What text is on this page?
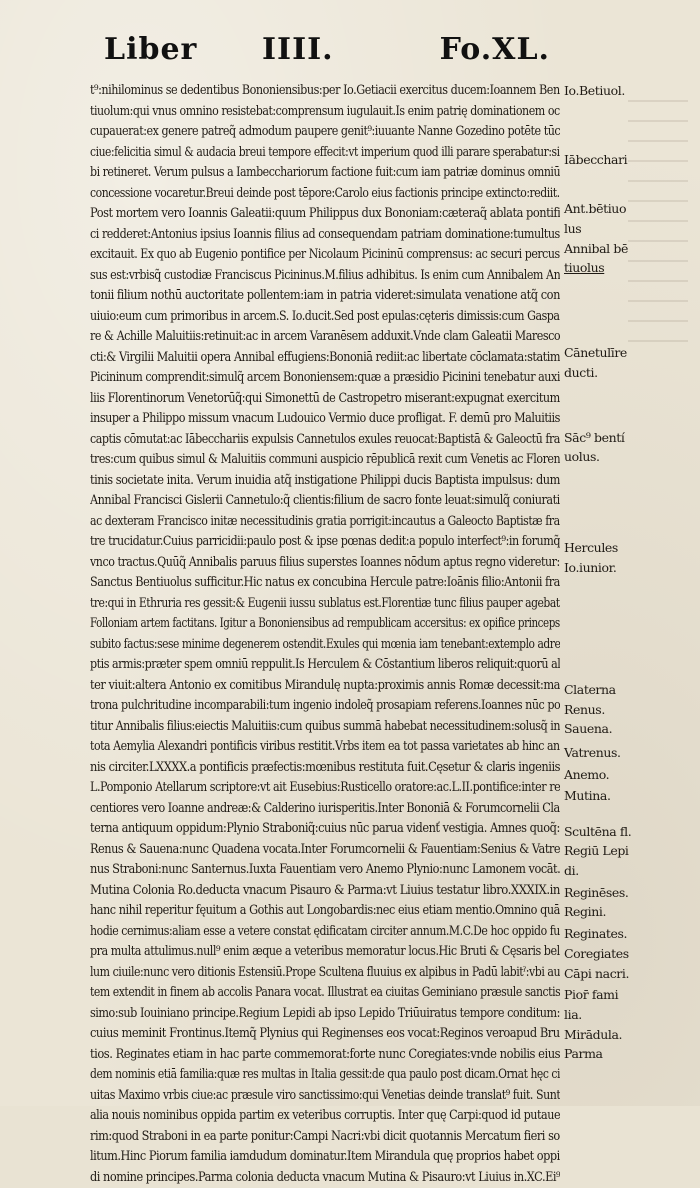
Liber IIII.	Fo.XL.
t⁹:nihilominus se dedentibus Bononiensibus:per Io.Getiacii exercitus ducem:Ioannem Ben
tiuolum:qui vnus omnino resistebat:comprensum iugulauit.Is enim patrię dominationem oc
cupauerat:ex genere patreq̃ admodum paupere genit⁹:iuuante Nanne Gozedino potēte tūc
ciue:felicitia simul & audacia breui tempore effecit:vt imperium quod illi parare sperabatur:si
bi retineret. Verum pulsus a Iambecchariorum factione fuit:cum iam patriæ dominus omniū
concessione vocaretur.Breui deinde post tēpore:Carolo eius factionis principe extincto:rediit.
Post mortem vero Ioannis Galeatii:quum Philippus dux Bononiam:cæteraq̃ ablata pontifi
ci redderet:Antonius ipsius Ioannis filius ad consequendam patriam dominatione:tumultus
excitauit. Ex quo ab Eugenio pontifice per Nicolaum Picininū comprensus: ac securi percus
sus est:vrbisq̃ custodiæ Franciscus Picininus.M.filius adhibitus. Is enim cum Annibalem An
tonii filium nothū auctoritate pollentem:iam in patria videret:simulata venatione atq̃ con
uiuio:eum cum primoribus in arcem.S. Io.ducit.Sed post epulas:cęteris dimissis:cum Gaspa
re & Achille Maluitiis:retinuit:ac in arcem Varanēsem adduxit.Vnde clam Galeatii Maresco
cti:& Virgilii Maluitii opera Annibal effugiens:Bononiā rediit:ac libertate cōclamata:statim
Picininum comprendit:simulq̃ arcem Bononiensem:quæ a præsidio Picinini tenebatur auxi
liis Florentinorum Venetorūq̃:qui Simonettū de Castropetro miserant:expugnat exercitum
insuper a Philippo missum vnacum Ludouico Vermio duce profligat. F. demū pro Maluitiis
captis cōmutat:ac Iābecchariis expulsis Cannetulos exules reuocat:Baptistā & Galeoctū fra
tres:cum quibus simul & Maluitiis communi auspicio rēpublicā rexit cum Venetis ac Floren
tinis societate inita. Verum inuidia atq̃ instigatione Philippi ducis Baptista impulsus: dum
Annibal Francisci Gislerii Cannetulo:q̃ clientis:filium de sacro fonte leuat:simulq̃ coniurati
ac dexteram Francisco initæ necessitudinis gratia porrigit:incautus a Galeocto Baptistæ fra
tre trucidatur.Cuius parricidii:paulo post & ipse pœnas dedit:a populo interfect⁹:in forumq̃
vnco tractus.Quūq̃ Annibalis paruus filius superstes Ioannes nōdum aptus regno videretur:
Sanctus Bentiuolus sufficitur.Hic natus ex concubina Hercule patre:Ioānis filio:Antonii fra
tre:qui in Ethruria res gessit:& Eugenii iussu sublatus est.Florentiæ tunc filius pauper agebat
Folloniam artem factitans. Igitur a Bononiensibus ad rempublicam accersitus: ex opifice princeps
subito factus:sese minime degenerem ostendit.Exules qui mœnia iam tenebant:extemplo adre
ptis armis:præter spem omniū reppulit.Is Herculem & Cōstantium liberos reliquit:quorū al
ter viuit:altera Antonio ex comitibus Mirandulę nupta:proximis annis Romæ decessit:ma
trona pulchritudine incomparabili:tum ingenio indoleq̃ prosapiam referens.Ioannes nūc po
titur Annibalis filius:eiectis Maluitiis:cum quibus summā habebat necessitudinem:solusq̃ in
tota Aemylia Alexandri pontificis viribus restitit.Vrbs item ea tot passa varietates ab hinc an
nis circiter.LXXXX.a pontificis præfectis:mœnibus restituta fuit.Cęsetur & claris ingeniis
L.Pomponio Atellarum scriptore:vt ait Eusebius:Rusticello oratore:ac.L.II.pontifice:inter re
centiores vero Ioanne andreæ:& Calderino iurisperitis.Inter Bononiā & Forumcornelii Cla
terna antiquum oppidum:Plynio Straboniq̃:cuius nūc parua videnť vestigia. Amnes quoq̃:
Renus & Sauena:nunc Quadena vocata.Inter Forumcornelii & Fauentiam:Senius & Vatre
nus Straboni:nunc Santernus.Iuxta Fauentiam vero Anemo Plynio:nunc Lamonem vocāt.
Mutina Colonia Ro.deducta vnacum Pisauro & Parma:vt Liuius testatur libro.XXXIX.in
hanc nihil reperitur fęuitum a Gothis aut Longobardis:nec eius etiam mentio.Omnino quā
hodie cernimus:aliam esse a vetere constat ędificatam circiter annum.M.C.De hoc oppido fu
pra multa attulimus.null⁹ enim æque a veteribus memoratur locus.Hic Bruti & Cęsaris bel
lum ciuile:nunc vero ditionis Estensiū.Prope Scultena fluuius ex alpibus in Padū labitˀ:vbi au
tem extendit in finem ab accolis Panara vocat. Illustrat ea ciuitas Geminiano præsule sanctis
simo:sub Iouiniano principe.Regium Lepidi ab ipso Lepido Triūuiratus tempore conditum:
cuius meminit Frontinus.Itemq̃ Plynius qui Reginenses eos vocat:Reginos veroapud Bru
tios. Reginates etiam in hac parte commemorat:forte nunc Coregiates:vnde nobilis eius
dem nominis etiā familia:quæ res multas in Italia gessit:de qua paulo post dicam.Ornat hęc ci
uitas Maximo vrbis ciue:ac præsule viro sanctissimo:qui Venetias deinde translat⁹ fuit. Sunt
alia nouis nominibus oppida partim ex veteribus corruptis. Inter quę Carpi:quod id putaue
rim:quod Straboni in ea parte ponitur:Campi Nacri:vbi dicit quotannis Mercatum fieri so
litum.Hinc Piorum familia iamdudum dominatur.Item Mirandula quę proprios habet oppi
di nomine principes.Parma colonia deducta vnacum Mutina & Pisauro:vt Liuius in.XC.Ei⁹
Io.Betiuol.
Iābecchari
Ant.bētiuo
lus
Annibal bē
tiuolus
Cānetulīre
ducti.
Sāc⁹ bentí
uolus.
Hercules
Io.iunior.
Claterna
Renus.
Sauena.
Vatrenus.
Anemo.
Mutina.
Scultēna fl.
Regiū Lepi
di.
Reginēses.
Regini.
Reginates.
Coregiates
Cāpi nacri.
Pior̄ fami
lia.
Mirādula.
Parma
